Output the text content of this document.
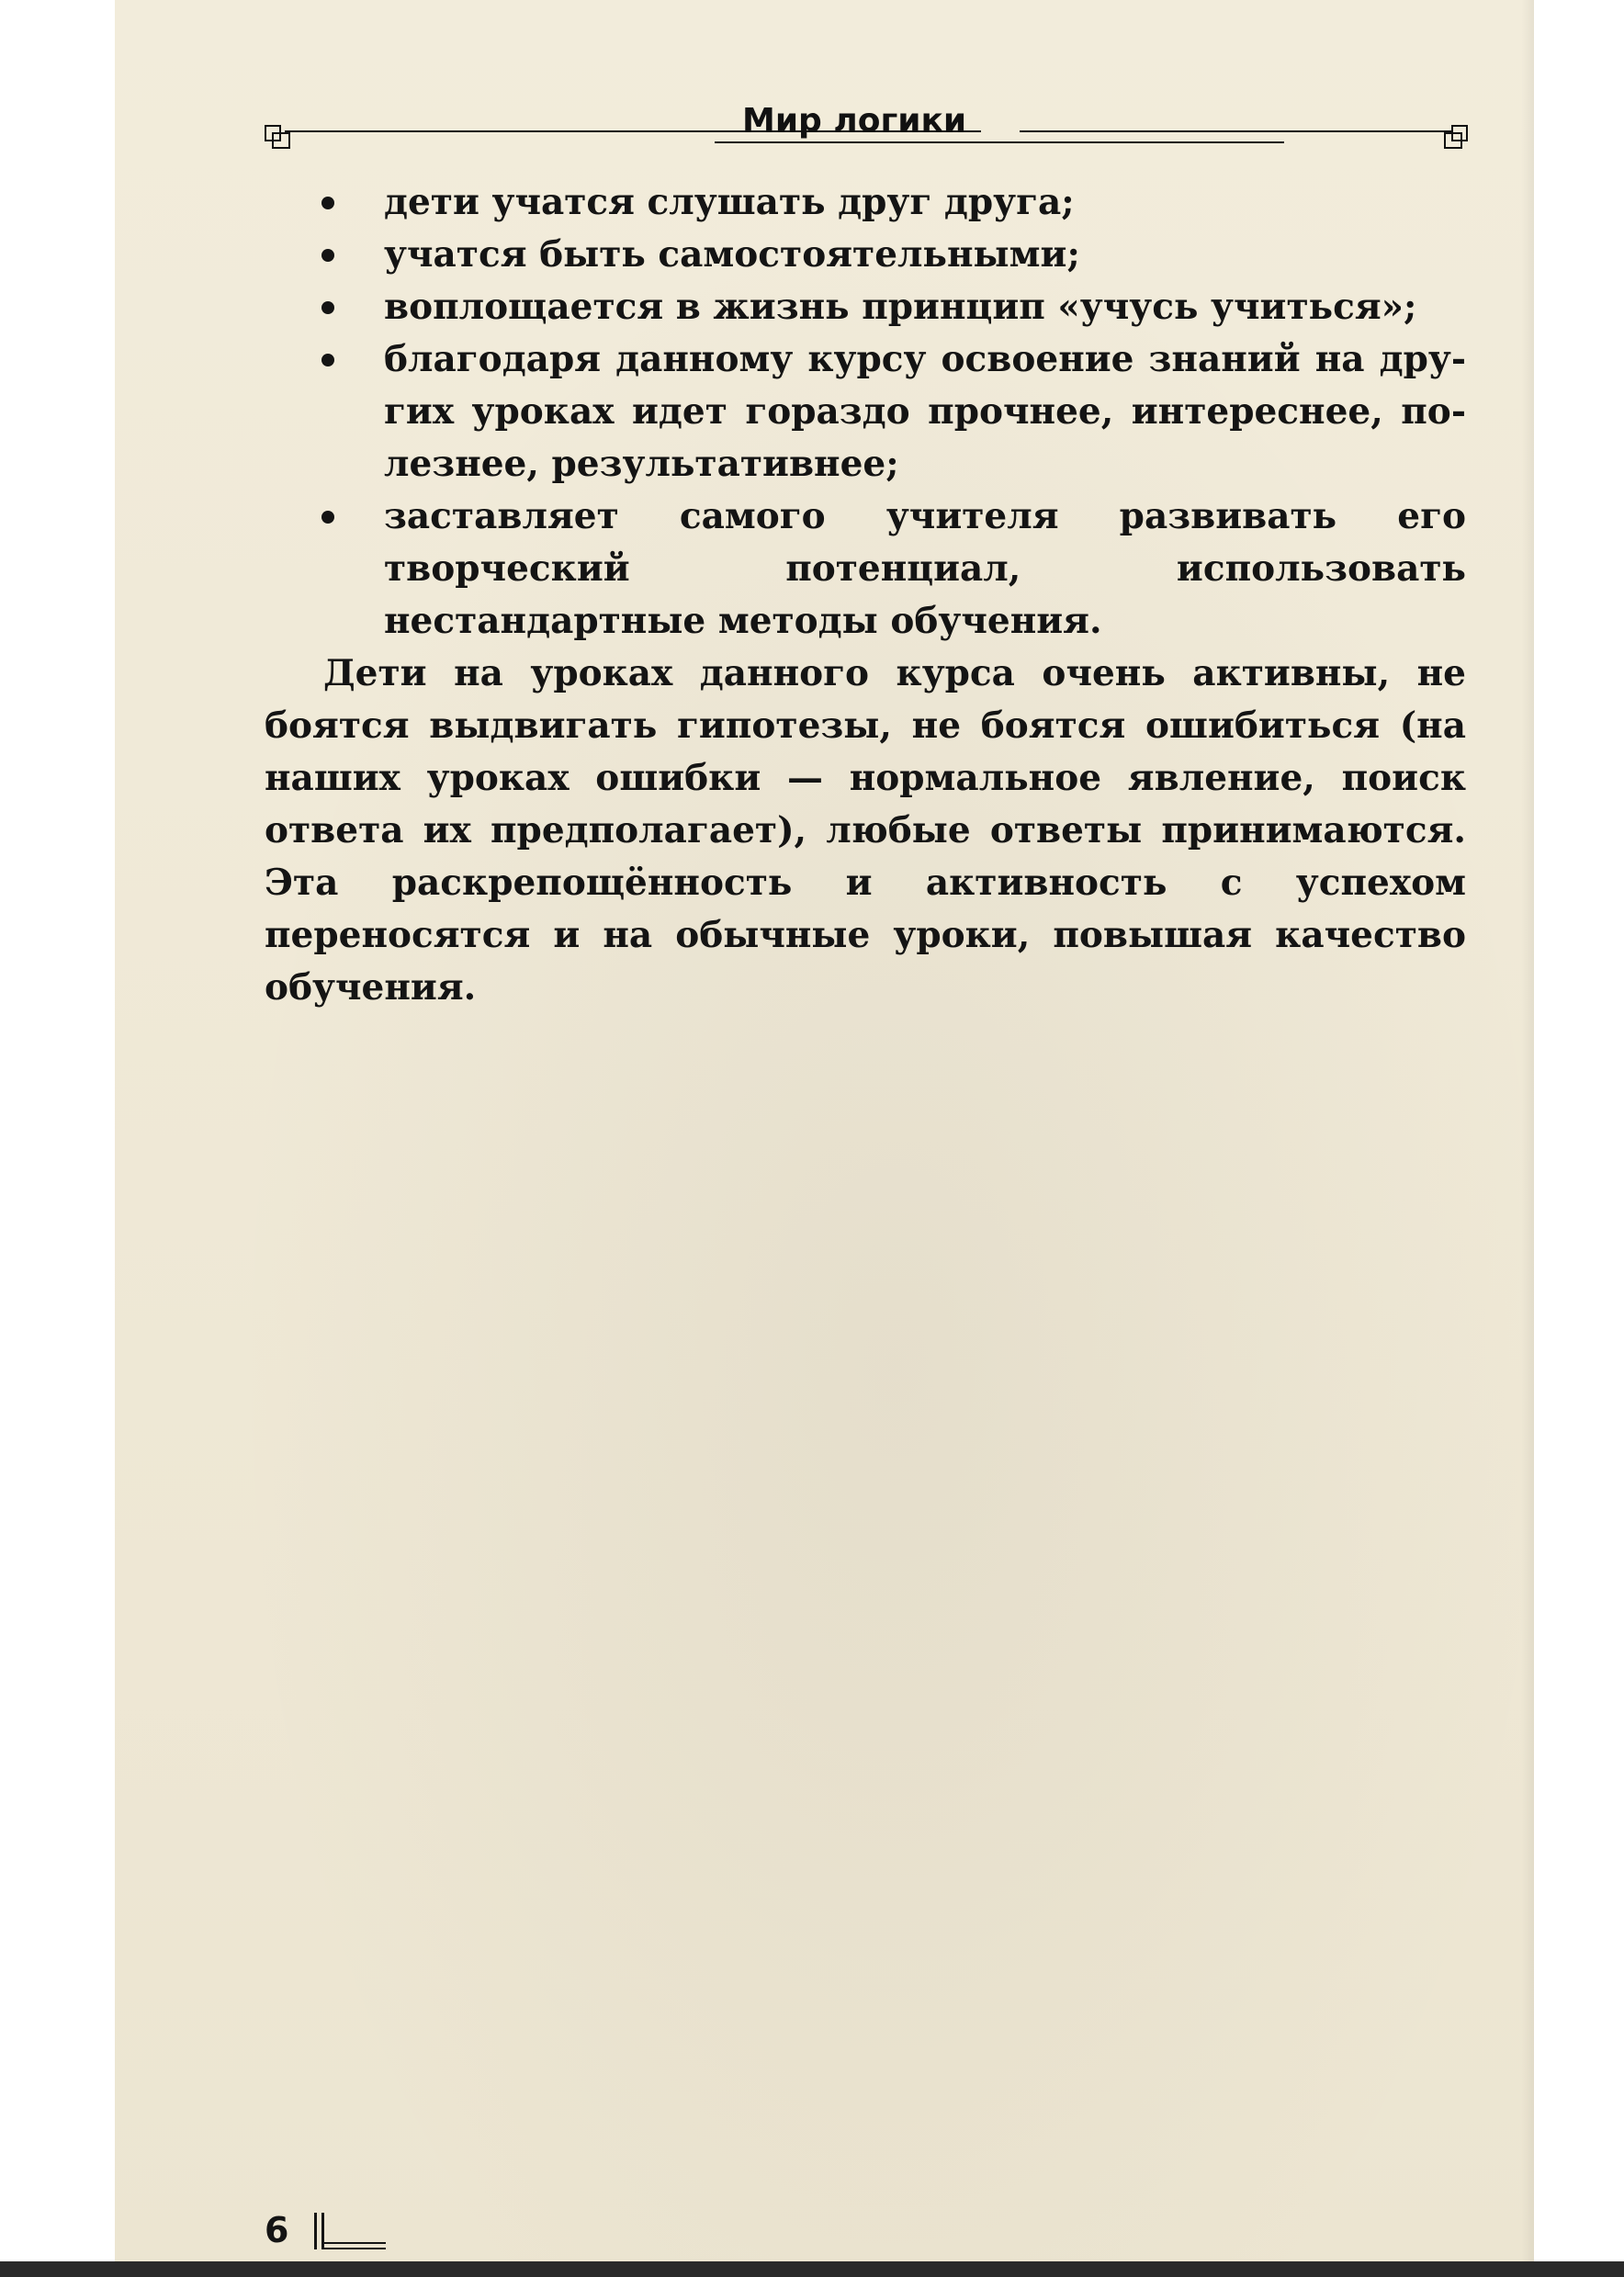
Мир логики
дети учатся слушать друг друга;
учатся быть самостоятельными;
воплощается в жизнь принцип «учусь учиться»;
благодаря данному курсу освоение знаний на других уроках идет гораздо прочнее, интереснее, полезнее, результативнее;
заставляет самого учителя развивать его творческий потенциал, использовать нестандартные методы обучения.

Дети на уроках данного курса очень активны, не боятся выдвигать гипотезы, не боятся ошибиться (на наших уроках ошибки — нормальное явление, поиск ответа их предполагает), любые ответы принимаются. Эта раскрепощённость и активность с успехом переносятся и на обычные уроки, повышая качество обучения.

6
